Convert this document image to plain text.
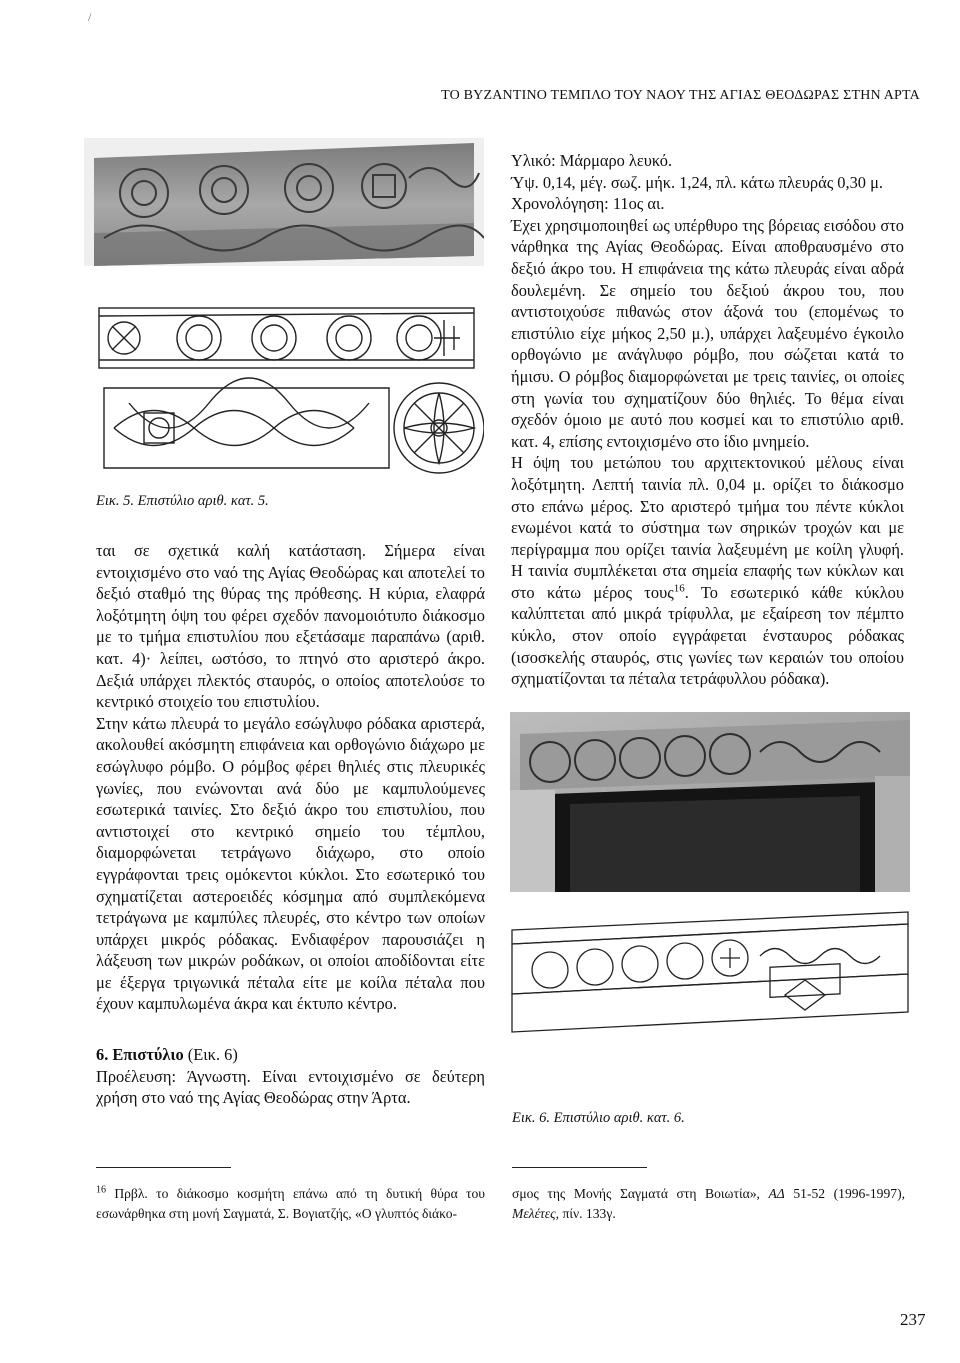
/
ΤΟ ΒΥΖΑΝΤΙΝΟ ΤΕΜΠΛΟ ΤΟΥ ΝΑΟΥ ΤΗΣ ΑΓΙΑΣ ΘΕΟΔΩΡΑΣ ΣΤΗΝ ΑΡΤΑ
Εικ. 5. Επιστύλιο αριθ. κατ. 5.

ται σε σχετικά καλή κατάσταση. Σήμερα είναι εντοιχισμένο στο ναό της Αγίας Θεοδώρας και αποτελεί το δεξιό σταθμό της θύρας της πρόθεσης. Η κύρια, ελαφρά λοξότμητη όψη του φέρει σχεδόν πανομοιότυπο διάκοσμο με το τμήμα επιστυλίου που εξετάσαμε παραπάνω (αριθ. κατ. 4)· λείπει, ωστόσο, το πτηνό στο αριστερό άκρο. Δεξιά υπάρχει πλεκτός σταυρός, ο οποίος αποτελούσε το κεντρικό στοιχείο του επιστυλίου.

Στην κάτω πλευρά το μεγάλο εσώγλυφο ρόδακα αριστερά, ακολουθεί ακόσμητη επιφάνεια και ορθογώνιο διάχωρο με εσώγλυφο ρόμβο. Ο ρόμβος φέρει θηλιές στις πλευρικές γωνίες, που ενώνονται ανά δύο με καμπυλούμενες εσωτερικά ταινίες. Στο δεξιό άκρο του επιστυλίου, που αντιστοιχεί στο κεντρικό σημείο του τέμπλου, διαμορφώνεται τετράγωνο διάχωρο, στο οποίο εγγράφονται τρεις ομόκεντοι κύκλοι. Στο εσωτερικό του σχηματίζεται αστεροειδές κόσμημα από συμπλεκόμενα τετράγωνα με καμπύλες πλευρές, στο κέντρο των οποίων υπάρχει μικρός ρόδακας. Ενδιαφέρον παρουσιάζει η λάξευση των μικρών ροδάκων, οι οποίοι αποδίδονται είτε με έξεργα τριγωνικά πέταλα είτε με κοίλα πέταλα που έχουν καμπυλωμένα άκρα και έκτυπο κέντρο.

6. Επιστύλιο (Εικ. 6)

Προέλευση: Άγνωστη. Είναι εντοιχισμένο σε δεύτερη χρήση στο ναό της Αγίας Θεοδώρας στην Άρτα.

Υλικό: Μάρμαρο λευκό.

Ύψ. 0,14, μέγ. σωζ. μήκ. 1,24, πλ. κάτω πλευράς 0,30 μ.

Χρονολόγηση: 11ος αι.

Έχει χρησιμοποιηθεί ως υπέρθυρο της βόρειας εισόδου στο νάρθηκα της Αγίας Θεοδώρας. Είναι αποθραυσμένο στο δεξιό άκρο του. Η επιφάνεια της κάτω πλευράς είναι αδρά δουλεμένη. Σε σημείο του δεξιού άκρου του, που αντιστοιχούσε πιθανώς στον άξονά του (επομένως το επιστύλιο είχε μήκος 2,50 μ.), υπάρχει λαξευμένο έγκοιλο ορθογώνιο με ανάγλυφο ρόμβο, που σώζεται κατά το ήμισυ. Ο ρόμβος διαμορφώνεται με τρεις ταινίες, οι οποίες στη γωνία του σχηματίζουν δύο θηλιές. Το θέμα είναι σχεδόν όμοιο με αυτό που κοσμεί και το επιστύλιο αριθ. κατ. 4, επίσης εντοιχισμένο στο ίδιο μνημείο.

Η όψη του μετώπου του αρχιτεκτονικού μέλους είναι λοξότμητη. Λεπτή ταινία πλ. 0,04 μ. ορίζει το διάκοσμο στο επάνω μέρος. Στο αριστερό τμήμα του πέντε κύκλοι ενωμένοι κατά το σύστημα των σηρικών τροχών και με περίγραμμα που ορίζει ταινία λαξευμένη με κοίλη γλυφή. Η ταινία συμπλέκεται στα σημεία επαφής των κύκλων και στο κάτω μέρος τους$^{16}$. Το εσωτερικό κάθε κύκλου καλύπτεται από μικρά τρίφυλλα, με εξαίρεση τον πέμπτο κύκλο, στον οποίο εγγράφεται ένσταυρος ρόδακας (ισοσκελής σταυρός, στις γωνίες των κεραιών του οποίου σχηματίζονται τα πέταλα τετράφυλλου ρόδακα).

Εικ. 6. Επιστύλιο αριθ. κατ. 6.
$^{16}$ Πρβλ. το διάκοσμο κοσμήτη επάνω από τη δυτική θύρα του εσωνάρθηκα στη μονή Σαγματά, Σ. Βογιατζής, «Ο γλυπτός διάκο-
σμος της Μονής Σαγματά στη Βοιωτία», ΑΔ 51-52 (1996-1997), Μελέτες, πίν. 133γ.
237
